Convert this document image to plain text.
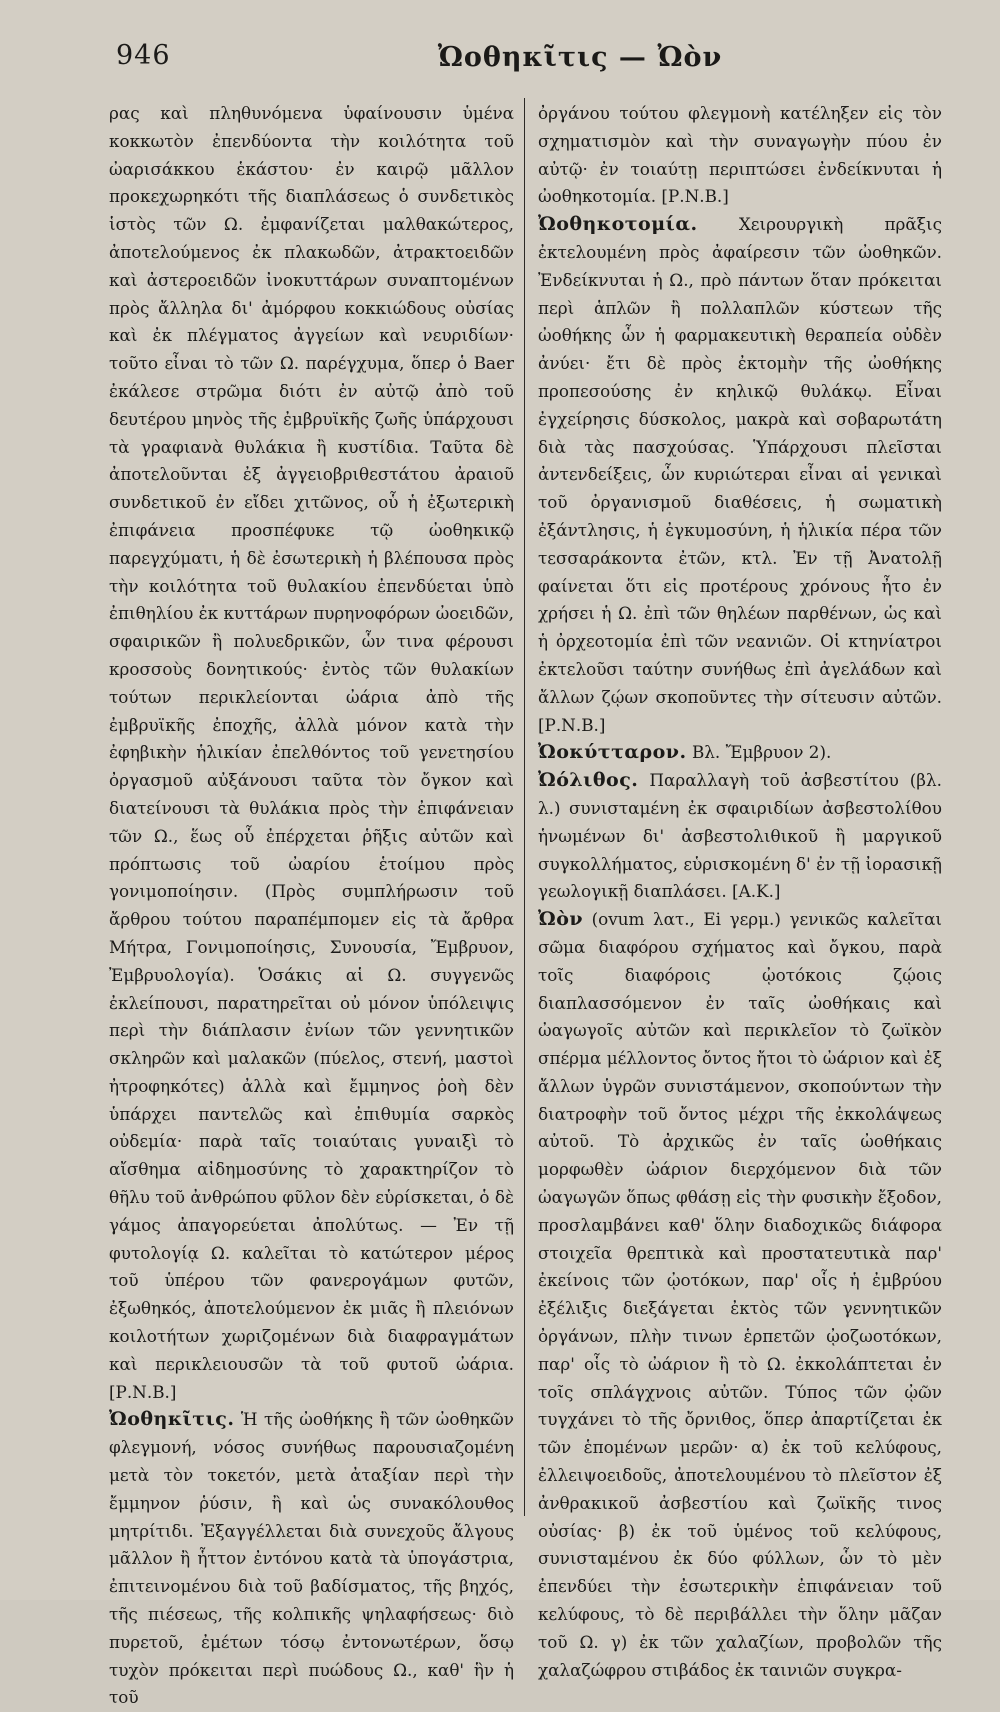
946	Ὠοθηκῖτις — Ὠὸν

ρας καὶ πληθυνόμενα ὑφαίνουσιν ὑμένα κοκκωτὸν ἐπενδύοντα τὴν κοιλότητα τοῦ ὠαρισάκκου ἑκάστου· ἐν καιρῷ μᾶλλον προκεχωρηκότι τῆς διαπλάσεως ὁ συνδετικὸς ἱστὸς τῶν Ω. ἐμφανίζεται μαλθακώτερος, ἀποτελούμενος ἐκ πλακωδῶν, ἀτρακτοειδῶν καὶ ἀστεροειδῶν ἰνοκυττάρων συναπτομένων πρὸς ἄλληλα δι' ἀμόρφου κοκκιώδους οὐσίας καὶ ἐκ πλέγματος ἀγγείων καὶ νευριδίων· τοῦτο εἶναι τὸ τῶν Ω. παρέγχυμα, ὅπερ ὁ Baer ἐκάλεσε στρῶμα διότι ἐν αὐτῷ ἀπὸ τοῦ δευτέρου μηνὸς τῆς ἐμβρυϊκῆς ζωῆς ὑπάρχουσι τὰ γραφιανὰ θυλάκια ἢ κυστίδια. Ταῦτα δὲ ἀποτελοῦνται ἐξ ἀγγειοβριθεστάτου ἀραιοῦ συνδετικοῦ ἐν εἴδει χιτῶνος, οὗ ἡ ἐξωτερικὴ ἐπιφάνεια προσπέφυκε τῷ ὠοθηκικῷ παρεγχύματι, ἡ δὲ ἐσωτερικὴ ἡ βλέπουσα πρὸς τὴν κοιλότητα τοῦ θυλακίου ἐπενδύεται ὑπὸ ἐπιθηλίου ἐκ κυττάρων πυρηνοφόρων ὠοειδῶν, σφαιρικῶν ἢ πολυεδρικῶν, ὧν τινα φέρουσι κροσσοὺς δονητικούς· ἐντὸς τῶν θυλακίων τούτων περικλείονται ὠάρια ἀπὸ τῆς ἐμβρυϊκῆς ἐποχῆς, ἀλλὰ μόνον κατὰ τὴν ἐφηβικὴν ἡλικίαν ἐπελθόντος τοῦ γενετησίου ὀργασμοῦ αὐξάνουσι ταῦτα τὸν ὄγκον καὶ διατείνουσι τὰ θυλάκια πρὸς τὴν ἐπιφάνειαν τῶν Ω., ἕως οὗ ἐπέρχεται ῥῆξις αὐτῶν καὶ πρόπτωσις τοῦ ὠαρίου ἑτοίμου πρὸς γονιμοποίησιν. (Πρὸς συμπλήρωσιν τοῦ ἄρθρου τούτου παραπέμπομεν εἰς τὰ ἄρθρα Μήτρα, Γονιμοποίησις, Συνουσία, Ἔμβρυον, Ἐμβρυολογία). Ὁσάκις αἱ Ω. συγγενῶς ἐκλείπουσι, παρατηρεῖται οὐ μόνον ὑπόλειψις περὶ τὴν διάπλασιν ἐνίων τῶν γεννητικῶν σκληρῶν καὶ μαλακῶν (πύελος, στενή, μαστοὶ ἠτροφηκότες) ἀλλὰ καὶ ἔμμηνος ῥοὴ δὲν ὑπάρχει παντελῶς καὶ ἐπιθυμία σαρκὸς οὐδεμία· παρὰ ταῖς τοιαύταις γυναιξὶ τὸ αἴσθημα αἰδημοσύνης τὸ χαρακτηρίζον τὸ θῆλυ τοῦ ἀνθρώπου φῦλον δὲν εὑρίσκεται, ὁ δὲ γάμος ἀπαγορεύεται ἀπολύτως. — Ἐν τῇ φυτολογίᾳ Ω. καλεῖται τὸ κατώτερον μέρος τοῦ ὑπέρου τῶν φανερογάμων φυτῶν, ἐξωθηκός, ἀποτελούμενον ἐκ μιᾶς ἢ πλειόνων κοιλοτήτων χωριζομένων διὰ διαφραγμάτων καὶ περικλειουσῶν τὰ τοῦ φυτοῦ ὠάρια. [Ρ.Ν.Β.]

Ὠοθηκῖτις. Ἡ τῆς ὠοθήκης ἢ τῶν ὠοθηκῶν φλεγμονή, νόσος συνήθως παρουσιαζομένη μετὰ τὸν τοκετόν, μετὰ ἀταξίαν περὶ τὴν ἔμμηνον ῥύσιν, ἢ καὶ ὡς συνακόλουθος μητρίτιδι. Ἐξαγγέλλεται διὰ συνεχοῦς ἄλγους μᾶλλον ἢ ἧττον ἐντόνου κατὰ τὰ ὑπογάστρια, ἐπιτεινομένου διὰ τοῦ βαδίσματος, τῆς βηχός, τῆς πιέσεως, τῆς κολπικῆς ψηλαφήσεως· διὸ πυρετοῦ, ἐμέτων τόσῳ ἐντονωτέρων, ὅσῳ τυχὸν πρόκειται περὶ πυώδους Ω., καθ' ἣν ἡ τοῦ

ὀργάνου τούτου φλεγμονὴ κατέληξεν εἰς τὸν σχηματισμὸν καὶ τὴν συναγωγὴν πύου ἐν αὐτῷ· ἐν τοιαύτῃ περιπτώσει ἐνδείκνυται ἡ ὠοθηκοτομία. [Ρ.Ν.Β.]

Ὠοθηκοτομία. Χειρουργικὴ πρᾶξις ἐκτελουμένη πρὸς ἀφαίρεσιν τῶν ὠοθηκῶν. Ἐνδείκνυται ἡ Ω., πρὸ πάντων ὅταν πρόκειται περὶ ἁπλῶν ἢ πολλαπλῶν κύστεων τῆς ὠοθήκης ὧν ἡ φαρμακευτικὴ θεραπεία οὐδὲν ἀνύει· ἔτι δὲ πρὸς ἐκτομὴν τῆς ὠοθήκης προπεσούσης ἐν κηλικῷ θυλάκῳ. Εἶναι ἐγχείρησις δύσκολος, μακρὰ καὶ σοβαρωτάτη διὰ τὰς πασχούσας. Ὑπάρχουσι πλεῖσται ἀντενδείξεις, ὧν κυριώτεραι εἶναι αἱ γενικαὶ τοῦ ὀργανισμοῦ διαθέσεις, ἡ σωματικὴ ἐξάντλησις, ἡ ἐγκυμοσύνη, ἡ ἡλικία πέρα τῶν τεσσαράκοντα ἐτῶν, κτλ. Ἐν τῇ Ἀνατολῇ φαίνεται ὅτι εἰς προτέρους χρόνους ἦτο ἐν χρήσει ἡ Ω. ἐπὶ τῶν θηλέων παρθένων, ὡς καὶ ἡ ὀρχεοτομία ἐπὶ τῶν νεανιῶν. Οἱ κτηνίατροι ἐκτελοῦσι ταύτην συνήθως ἐπὶ ἀγελάδων καὶ ἄλλων ζῴων σκοποῦντες τὴν σίτευσιν αὐτῶν. [Ρ.Ν.Β.]

Ὠοκύτταρον. Βλ. Ἔμβρυον 2).

Ὠόλιθος. Παραλλαγὴ τοῦ ἀσβεστίτου (βλ. λ.) συνισταμένη ἐκ σφαιριδίων ἀσβεστολίθου ἡνωμένων δι' ἀσβεστολιθικοῦ ἢ μαργικοῦ συγκολλήματος, εὑρισκομένη δ' ἐν τῇ ἰορασικῇ γεωλογικῇ διαπλάσει. [Α.Κ.]

Ὠὸν (ovum λατ., Ei γερμ.) γενικῶς καλεῖται σῶμα διαφόρου σχήματος καὶ ὄγκου, παρὰ τοῖς διαφόροις ᾠοτόκοις ζῴοις διαπλασσόμενον ἐν ταῖς ὠοθήκαις καὶ ὠαγωγοῖς αὐτῶν καὶ περικλεῖον τὸ ζωϊκὸν σπέρμα μέλλοντος ὄντος ἤτοι τὸ ὠάριον καὶ ἐξ ἄλλων ὑγρῶν συνιστάμενον, σκοπούντων τὴν διατροφὴν τοῦ ὄντος μέχρι τῆς ἐκκολάψεως αὐτοῦ. Τὸ ἀρχικῶς ἐν ταῖς ὠοθήκαις μορφωθὲν ὠάριον διερχόμενον διὰ τῶν ὠαγωγῶν ὅπως φθάσῃ εἰς τὴν φυσικὴν ἔξοδον, προσλαμβάνει καθ' ὅλην διαδοχικῶς διάφορα στοιχεῖα θρεπτικὰ καὶ προστατευτικὰ παρ' ἐκείνοις τῶν ᾠοτόκων, παρ' οἷς ἡ ἐμβρύου ἐξέλιξις διεξάγεται ἐκτὸς τῶν γεννητικῶν ὀργάνων, πλὴν τινων ἑρπετῶν ᾠοζωοτόκων, παρ' οἷς τὸ ὠάριον ἢ τὸ Ω. ἐκκολάπτεται ἐν τοῖς σπλάγχνοις αὐτῶν. Τύπος τῶν ᾠῶν τυγχάνει τὸ τῆς ὄρνιθος, ὅπερ ἀπαρτίζεται ἐκ τῶν ἑπομένων μερῶν· α) ἐκ τοῦ κελύφους, ἐλλειψοειδοῦς, ἀποτελουμένου τὸ πλεῖστον ἐξ ἀνθρακικοῦ ἀσβεστίου καὶ ζωϊκῆς τινος οὐσίας· β) ἐκ τοῦ ὑμένος τοῦ κελύφους, συνισταμένου ἐκ δύο φύλλων, ὧν τὸ μὲν ἐπενδύει τὴν ἐσωτερικὴν ἐπιφάνειαν τοῦ κελύφους, τὸ δὲ περιβάλλει τὴν ὅλην μᾶζαν τοῦ Ω. γ) ἐκ τῶν χαλαζίων, προβολῶν τῆς χαλαζώφρου στιβάδος ἐκ ταινιῶν συγκρα-
